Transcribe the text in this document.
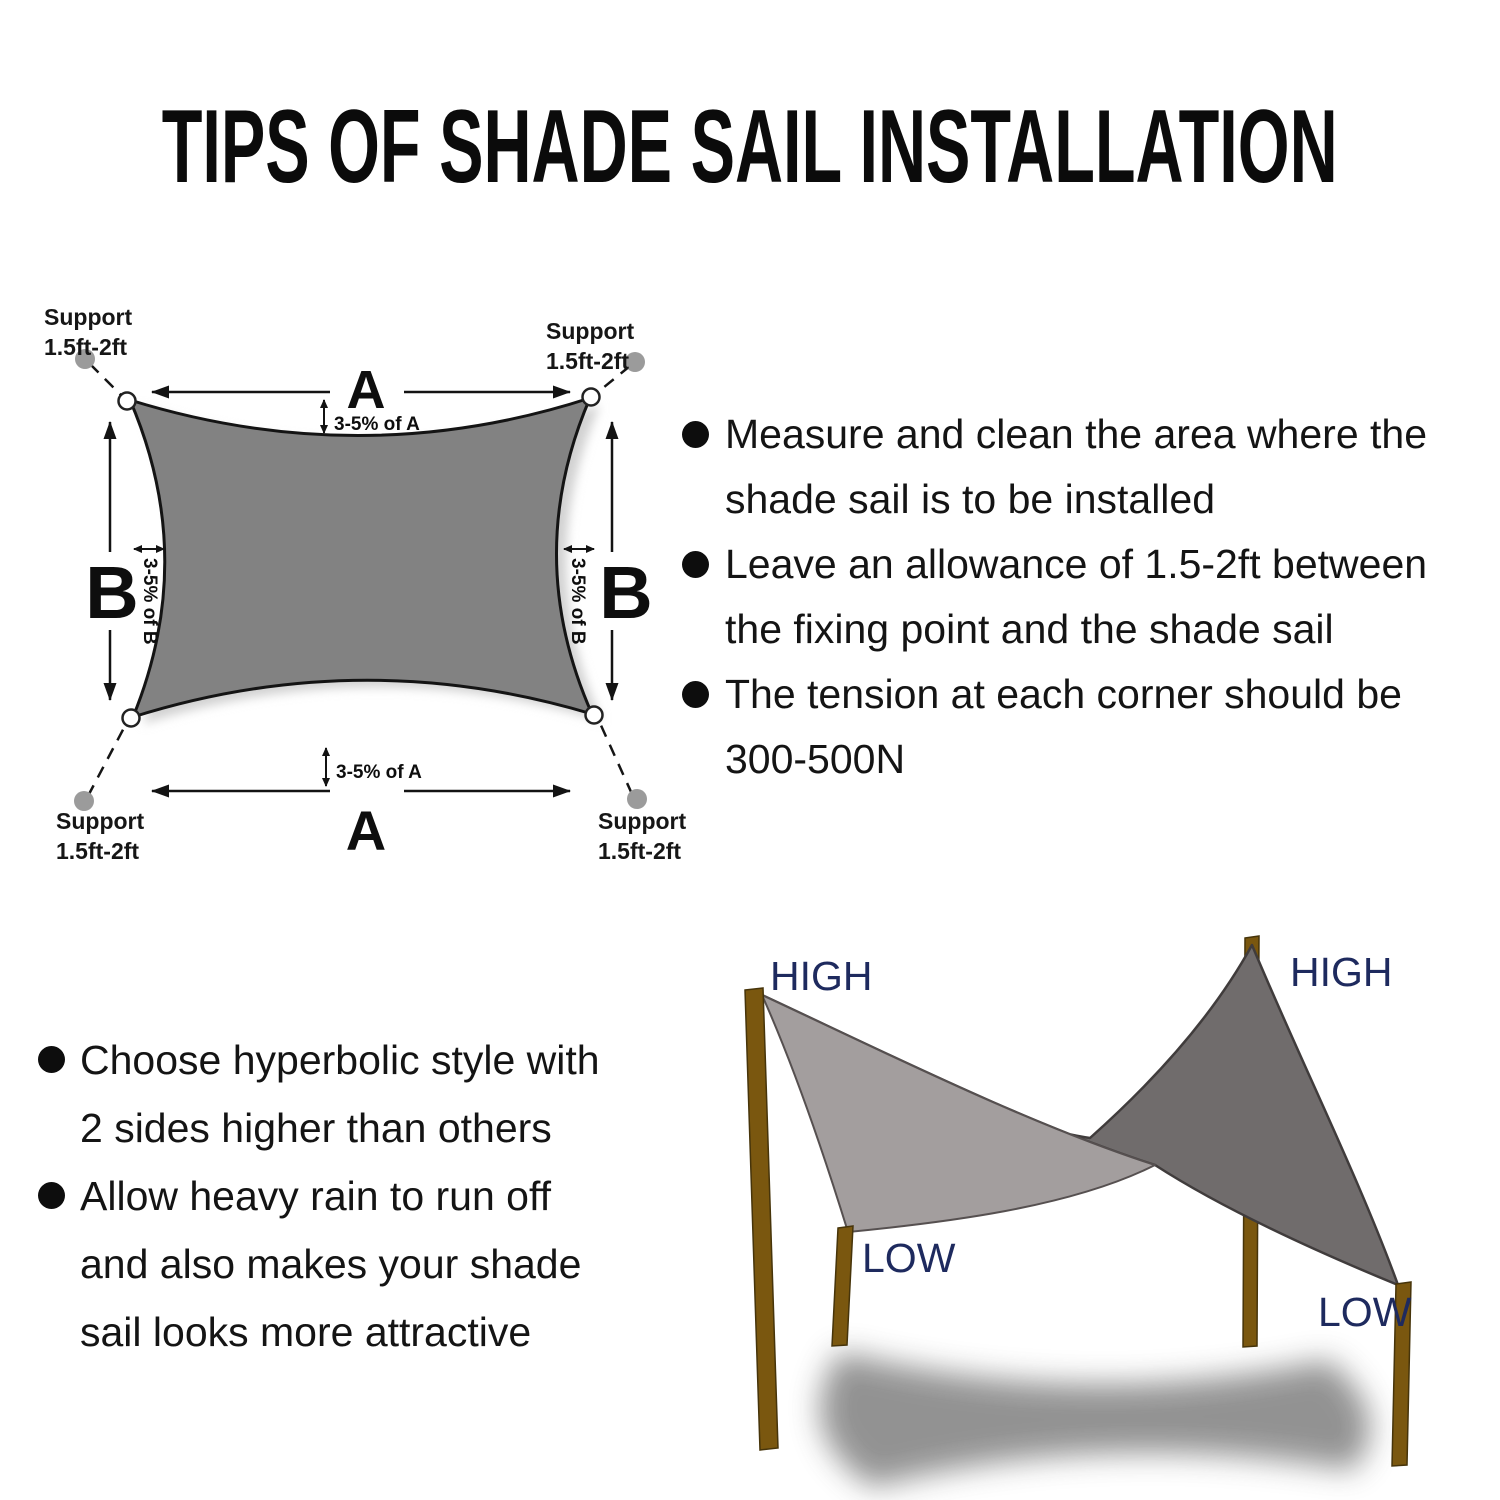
TIPS OF SHADE SAIL INSTALLATION
A
3-5% of A
B 3-5% of B	B
3-5% of B
A
3-5% of A
Support
1.5ft-2ft
Support
1.5ft-2ft
Support
1.5ft-2ft
Support
1.5ft-2ft
Measure and clean the area where the
shade sail is to be installed
Leave an allowance of 1.5-2ft between
the fixing point and the shade sail
The tension at each corner should be
300-500N
Choose hyperbolic style with
2 sides higher than others
Allow heavy rain to run off
and also makes your shade
sail looks more attractive
HIGH	HIGH
LOW
LOW
